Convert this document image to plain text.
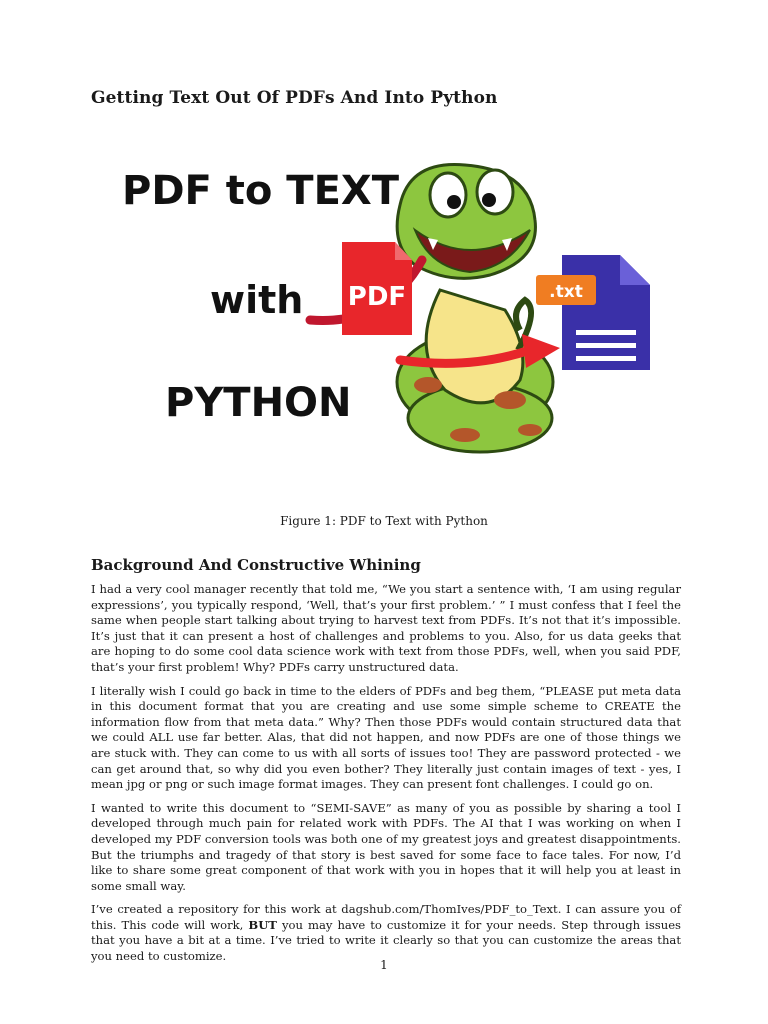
Getting Text Out Of PDFs And Into Python
PDF	.txt
PDF to TEXT
with
PYTHON
Figure 1: PDF to Text with Python
Background And Constructive Whining

I had a very cool manager recently that told me, “We you start a sentence with, ‘I am using regular expressions’, you typically respond, ‘Well, that’s your first problem.’ ” I must confess that I feel the same when people start talking about trying to harvest text from PDFs. It’s not that it’s impossible. It’s just that it can present a host of challenges and problems to you. Also, for us data geeks that are hoping to do some cool data science work with text from those PDFs, well, when you said PDF, that’s your first problem! Why? PDFs carry unstructured data.

I literally wish I could go back in time to the elders of PDFs and beg them, “PLEASE put meta data in this document format that you are creating and use some simple scheme to CREATE the information flow from that meta data.” Why? Then those PDFs would contain structured data that we could ALL use far better. Alas, that did not happen, and now PDFs are one of those things we are stuck with. They can come to us with all sorts of issues too! They are password protected - we can get around that, so why did you even bother? They literally just contain images of text - yes, I mean jpg or png or such image format images. They can present font challenges. I could go on.

I wanted to write this document to “SEMI-SAVE” as many of you as possible by sharing a tool I developed through much pain for related work with PDFs. The AI that I was working on when I developed my PDF conversion tools was both one of my greatest joys and greatest disappointments. But the triumphs and tragedy of that story is best saved for some face to face tales. For now, I’d like to share some great component of that work with you in hopes that it will help you at least in some small way.

I’ve created a repository for this work at dagshub.com/ThomIves/PDF_to_Text. I can assure you of this. This code will work, BUT you may have to customize it for your needs. Step through issues that you have a bit at a time. I’ve tried to write it clearly so that you can customize the areas that you need to customize.

1
